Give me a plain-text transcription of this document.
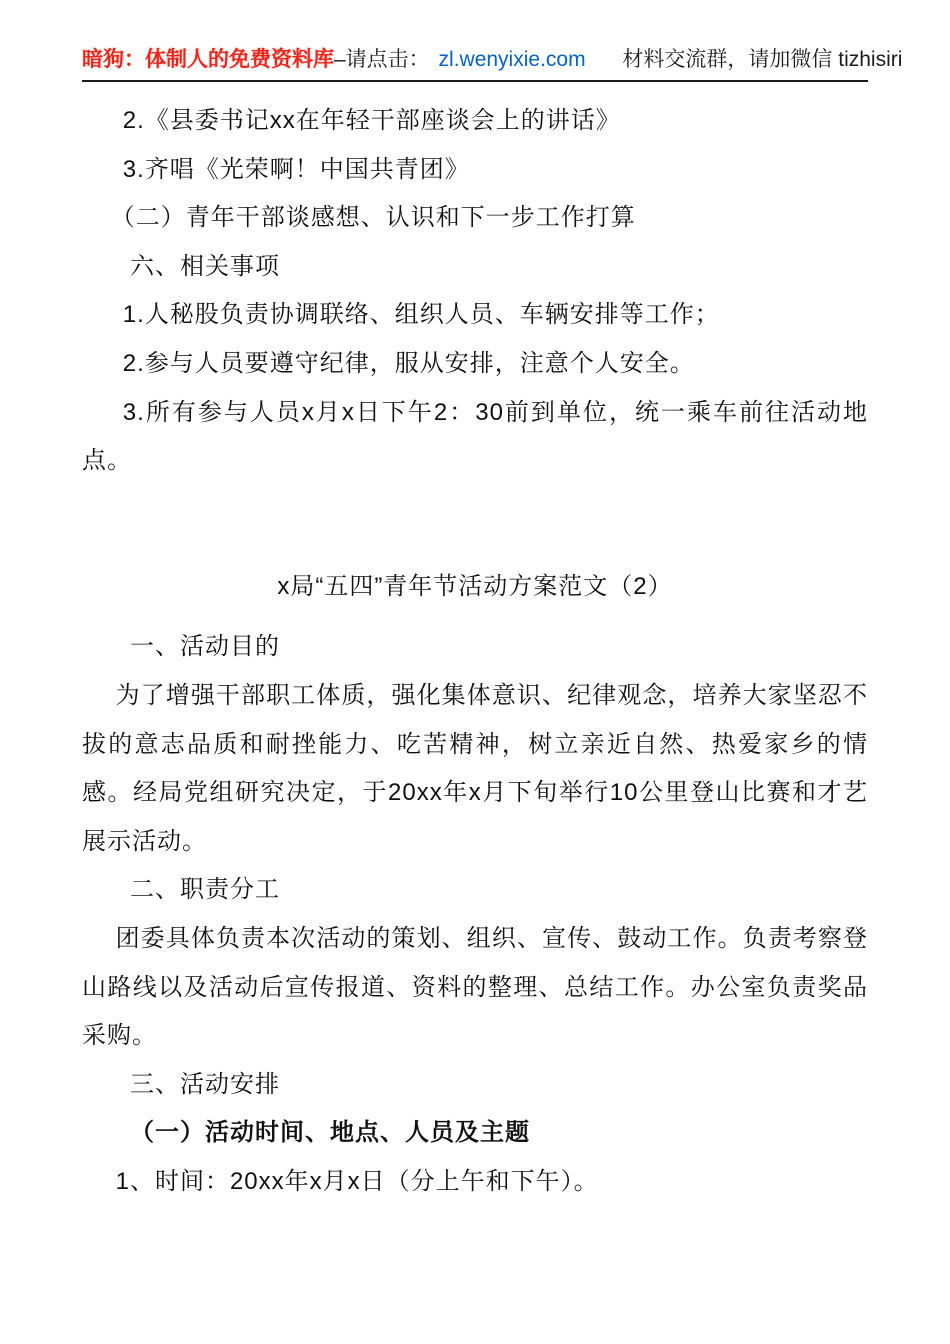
暗狗：体制人的免费资料库–请点击： zl.wenyixie.com 材料交流群，请加微信 tizhisiri

2.《县委书记xx在年轻干部座谈会上的讲话》

3.齐唱《光荣啊！中国共青团》

（二）青年干部谈感想、认识和下一步工作打算

六、相关事项

1.人秘股负责协调联络、组织人员、车辆安排等工作；

2.参与人员要遵守纪律，服从安排，注意个人安全。

3.所有参与人员x月x日下午2：30前到单位，统一乘车前往活动地点。

x局“五四”青年节活动方案范文（2）

一、活动目的

为了增强干部职工体质，强化集体意识、纪律观念，培养大家坚忍不拔的意志品质和耐挫能力、吃苦精神，树立亲近自然、热爱家乡的情感。经局党组研究决定，于20xx年x月下旬举行10公里登山比赛和才艺展示活动。

二、职责分工

团委具体负责本次活动的策划、组织、宣传、鼓动工作。负责考察登山路线以及活动后宣传报道、资料的整理、总结工作。办公室负责奖品采购。

三、活动安排

（一）活动时间、地点、人员及主题

1、时间：20xx年x月x日（分上午和下午）。
